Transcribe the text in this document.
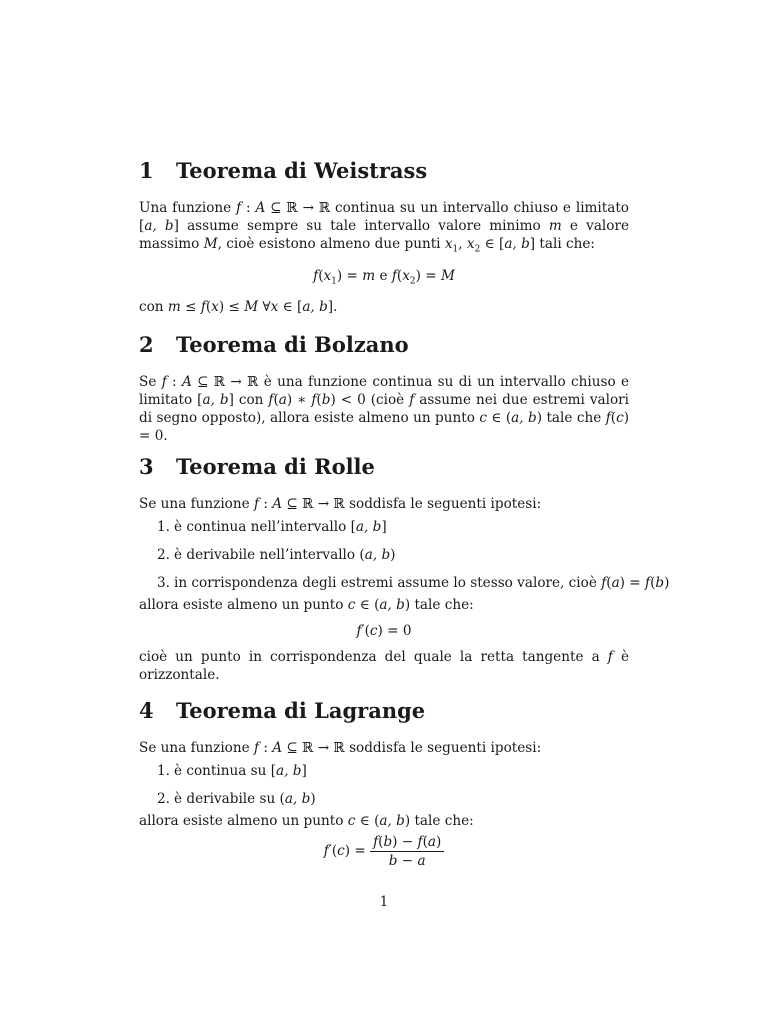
1 Teorema di Weistrass

Una funzione f : A ⊆ ℝ → ℝ continua su un intervallo chiuso e limitato [a, b] assume sempre su tale intervallo valore minimo m e valore massimo M, cioè esistono almeno due punti $x_1$, $x_2$ ∈ [a, b] tali che:

$f(x_1) = m$ e $f(x_2) = M$

con m ≤ f(x) ≤ M ∀x ∈ [a, b].

2 Teorema di Bolzano

Se f : A ⊆ ℝ → ℝ è una funzione continua su di un intervallo chiuso e limitato [a, b] con f(a) ∗ f(b) < 0 (cioè f assume nei due estremi valori di segno opposto), allora esiste almeno un punto c ∈ (a, b) tale che f(c) = 0.

3 Teorema di Rolle

Se una funzione f : A ⊆ ℝ → ℝ soddisfa le seguenti ipotesi:

1. è continua nell’intervallo [a, b]
2. è derivabile nell’intervallo (a, b)
3. in corrispondenza degli estremi assume lo stesso valore, cioè f(a) = f(b)

allora esiste almeno un punto c ∈ (a, b) tale che:

f′(c) = 0

cioè un punto in corrispondenza del quale la retta tangente a f è orizzontale.

4 Teorema di Lagrange

Se una funzione f : A ⊆ ℝ → ℝ soddisfa le seguenti ipotesi:

1. è continua su [a, b]
2. è derivabile su (a, b)

allora esiste almeno un punto c ∈ (a, b) tale che:

$f'(c) = \frac{f(b) - f(a)}{b - a}$
1
